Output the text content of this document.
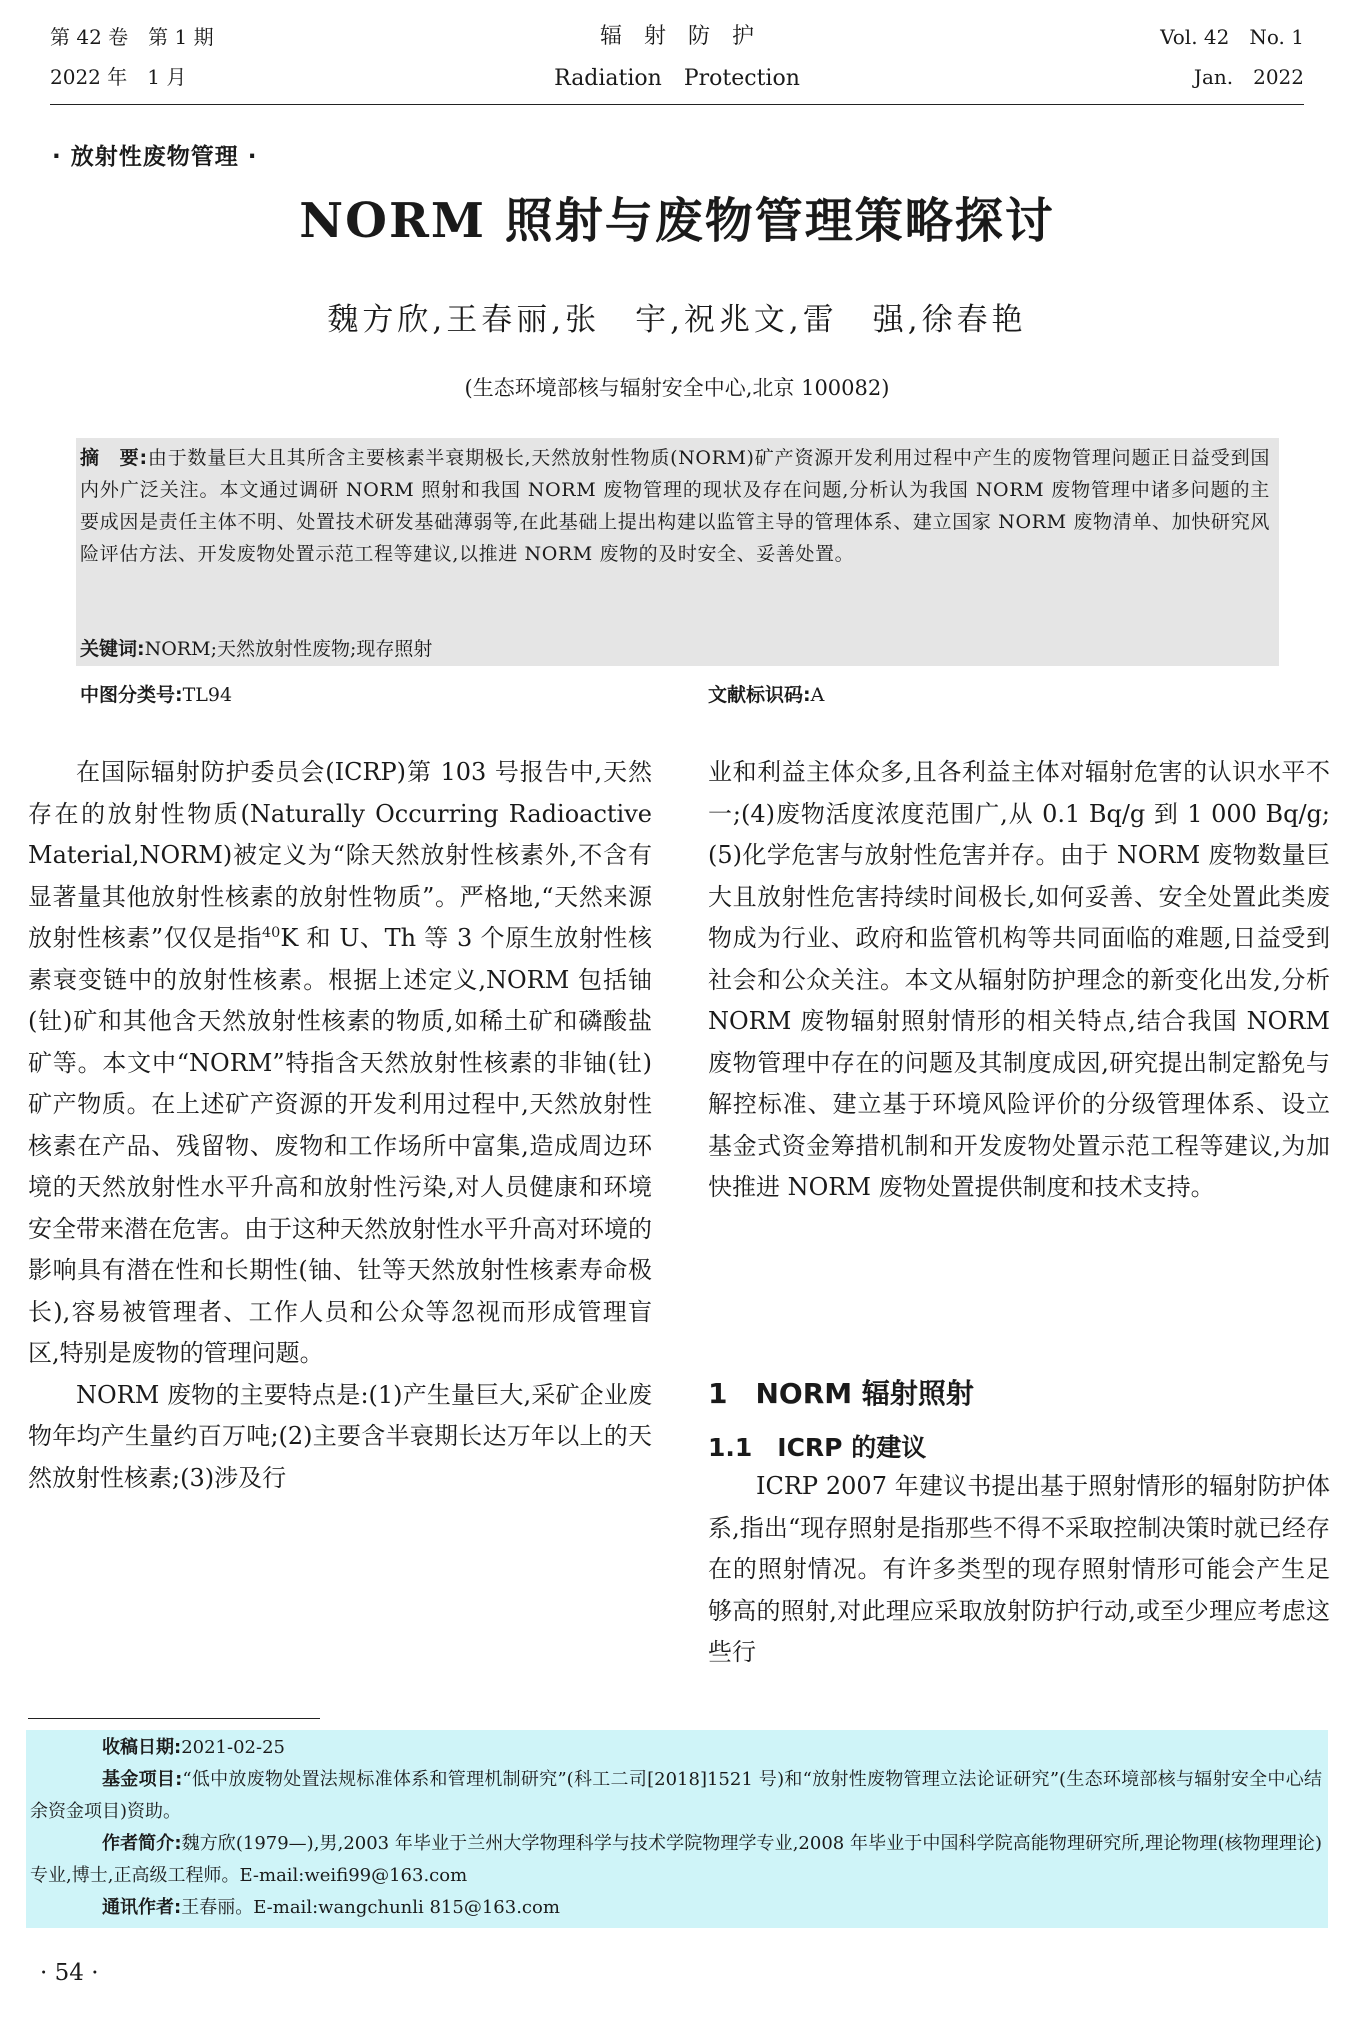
第 42 卷　第 1 期
2022 年　1 月
辐　射　防　护
Radiation　Protection
Vol. 42　No. 1
Jan.　2022
· 放射性废物管理 ·
NORM 照射与废物管理策略探讨
魏方欣,王春丽,张　宇,祝兆文,雷　强,徐春艳
(生态环境部核与辐射安全中心,北京 100082)
摘　要:由于数量巨大且其所含主要核素半衰期极长,天然放射性物质(NORM)矿产资源开发利用过程中产生的废物管理问题正日益受到国内外广泛关注。本文通过调研 NORM 照射和我国 NORM 废物管理的现状及存在问题,分析认为我国 NORM 废物管理中诸多问题的主要成因是责任主体不明、处置技术研发基础薄弱等,在此基础上提出构建以监管主导的管理体系、建立国家 NORM 废物清单、加快研究风险评估方法、开发废物处置示范工程等建议,以推进 NORM 废物的及时安全、妥善处置。
关键词:NORM;天然放射性废物;现存照射
中图分类号:TL94	文献标识码:A

在国际辐射防护委员会(ICRP)第 103 号报告中,天然存在的放射性物质(Naturally Occurring Radioactive Material,NORM)被定义为“除天然放射性核素外,不含有显著量其他放射性核素的放射性物质”。严格地,“天然来源放射性核素”仅仅是指$^{40}$K 和 U、Th 等 3 个原生放射性核素衰变链中的放射性核素。根据上述定义,NORM 包括铀(钍)矿和其他含天然放射性核素的物质,如稀土矿和磷酸盐矿等。本文中“NORM”特指含天然放射性核素的非铀(钍)矿产物质。在上述矿产资源的开发利用过程中,天然放射性核素在产品、残留物、废物和工作场所中富集,造成周边环境的天然放射性水平升高和放射性污染,对人员健康和环境安全带来潜在危害。由于这种天然放射性水平升高对环境的影响具有潜在性和长期性(铀、钍等天然放射性核素寿命极长),容易被管理者、工作人员和公众等忽视而形成管理盲区,特别是废物的管理问题。

NORM 废物的主要特点是:(1)产生量巨大,采矿企业废物年均产生量约百万吨;(2)主要含半衰期长达万年以上的天然放射性核素;(3)涉及行

业和利益主体众多,且各利益主体对辐射危害的认识水平不一;(4)废物活度浓度范围广,从 0.1 Bq/g 到 1 000 Bq/g;(5)化学危害与放射性危害并存。由于 NORM 废物数量巨大且放射性危害持续时间极长,如何妥善、安全处置此类废物成为行业、政府和监管机构等共同面临的难题,日益受到社会和公众关注。本文从辐射防护理念的新变化出发,分析 NORM 废物辐射照射情形的相关特点,结合我国 NORM 废物管理中存在的问题及其制度成因,研究提出制定豁免与解控标准、建立基于环境风险评价的分级管理体系、设立基金式资金筹措机制和开发废物处置示范工程等建议,为加快推进 NORM 废物处置提供制度和技术支持。

1　NORM 辐射照射
1.1　ICRP 的建议

ICRP 2007 年建议书提出基于照射情形的辐射防护体系,指出“现存照射是指那些不得不采取控制决策时就已经存在的照射情况。有许多类型的现存照射情形可能会产生足够高的照射,对此理应采取放射防护行动,或至少理应考虑这些行

收稿日期:2021-02-25

基金项目:“低中放废物处置法规标准体系和管理机制研究”(科工二司[2018]1521 号)和“放射性废物管理立法论证研究”(生态环境部核与辐射安全中心结余资金项目)资助。

作者简介:魏方欣(1979—),男,2003 年毕业于兰州大学物理科学与技术学院物理学专业,2008 年毕业于中国科学院高能物理研究所,理论物理(核物理理论)专业,博士,正高级工程师。E-mail:weifi99@163.com

通讯作者:王春丽。E-mail:wangchunli 815@163.com

· 54 ·
